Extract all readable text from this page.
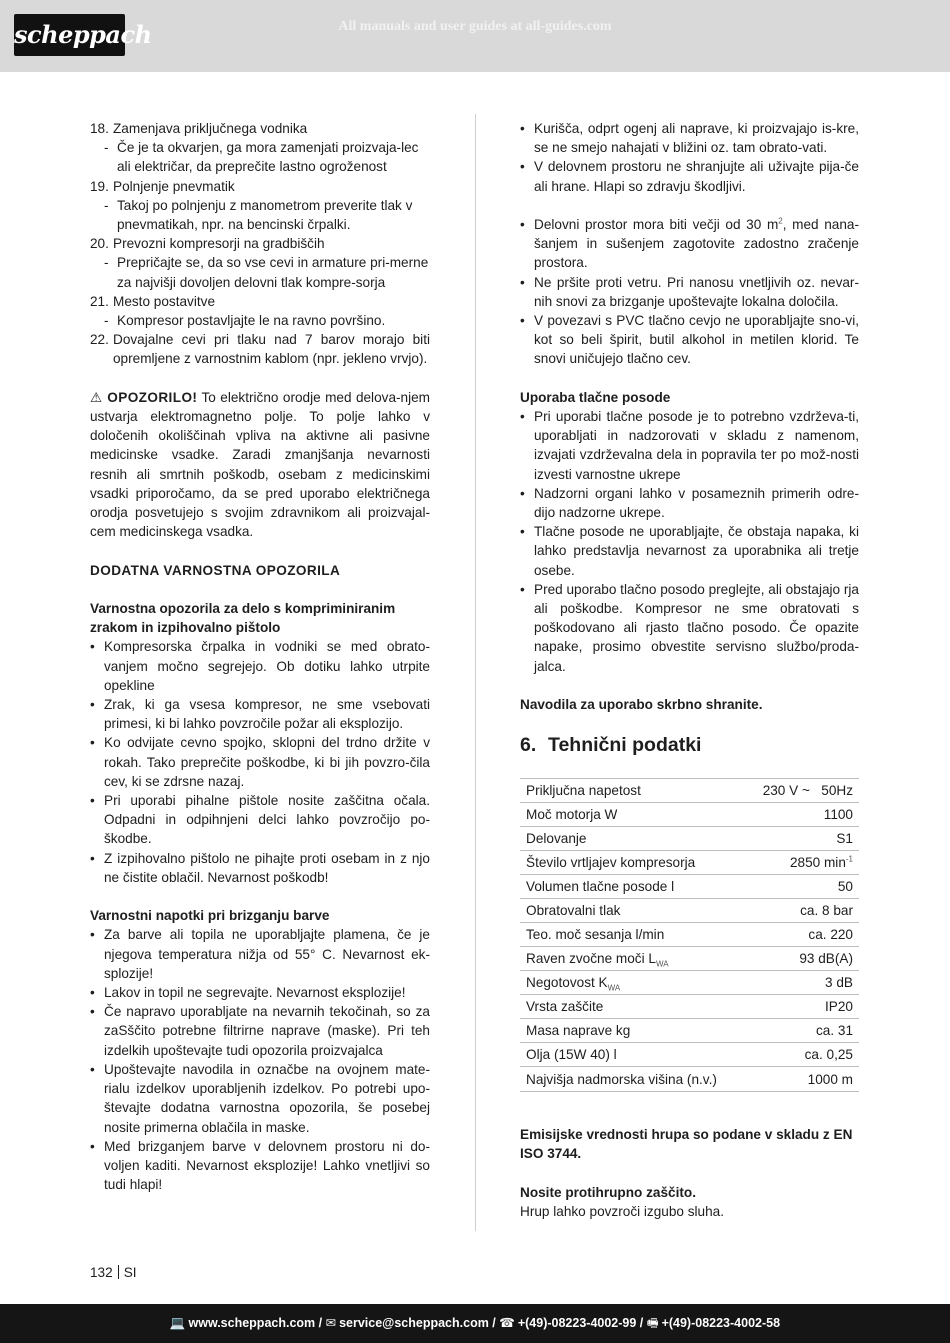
scheppach	All manuals and user guides at all-guides.com
18. Zamenjava priključnega vodnika
- Če je ta okvarjen, ga mora zamenjati proizvaja-lec ali električar, da preprečite lastno ogroženost
19. Polnjenje pnevmatik
- Takoj po polnjenju z manometrom preverite tlak v pnevmatikah, npr. na bencinski črpalki.
20. Prevozni kompresorji na gradbiščih
- Prepričajte se, da so vse cevi in armature pri-merne za najvišji dovoljen delovni tlak kompre-sorja
21. Mesto postavitve
- Kompresor postavljajte le na ravno površino.
22. Dovajalne cevi pri tlaku nad 7 barov morajo biti opremljene z varnostnim kablom (npr. jekleno vrvjo).

⚠ OPOZORILO! To električno orodje med delova-njem ustvarja elektromagnetno polje. To polje lahko v določenih okoliščinah vpliva na aktivne ali pasivne medicinske vsadke. Zaradi zmanjšanja nevarnosti resnih ali smrtnih poškodb, osebam z medicinskimi vsadki priporočamo, da se pred uporabo električnega orodja posvetujejo s svojim zdravnikom ali proizvajal-cem medicinskega vsadka.

DODATNA VARNOSTNA OPOZORILA

Varnostna opozorila za delo s kompriminiranim zrakom in izpihovalno pištolo

• Kompresorska črpalka in vodniki se med obrato-vanjem močno segrejejo. Ob dotiku lahko utrpite opekline
• Zrak, ki ga vsesa kompresor, ne sme vsebovati primesi, ki bi lahko povzročile požar ali eksplozijo.
• Ko odvijate cevno spojko, sklopni del trdno držite v rokah. Tako preprečite poškodbe, ki bi jih povzro-čila cev, ki se zdrsne nazaj.
• Pri uporabi pihalne pištole nosite zaščitna očala. Odpadni in odpihnjeni delci lahko povzročijo po-škodbe.
• Z izpihovalno pištolo ne pihajte proti osebam in z njo ne čistite oblačil. Nevarnost poškodb!

Varnostni napotki pri brizganju barve

• Za barve ali topila ne uporabljajte plamena, če je njegova temperatura nižja od 55° C. Nevarnost ek-splozije!
• Lakov in topil ne segrevajte. Nevarnost eksplozije!
• Če napravo uporabljate na nevarnih tekočinah, so za zaSščito potrebne filtrirne naprave (maske). Pri teh izdelkih upoštevajte tudi opozorila proizvajalca
• Upoštevajte navodila in označbe na ovojnem mate-rialu izdelkov uporabljenih izdelkov. Po potrebi upo-števajte dodatna varnostna opozorila, še posebej nosite primerna oblačila in maske.
• Med brizganjem barve v delovnem prostoru ni do-voljen kaditi. Nevarnost eksplozije! Lahko vnetljivi so tudi hlapi!
• Kurišča, odprt ogenj ali naprave, ki proizvajajo is-kre, se ne smejo nahajati v bližini oz. tam obrato-vati.
• V delovnem prostoru ne shranjujte ali uživajte pija-če ali hrane. Hlapi so zdravju škodljivi.
• Delovni prostor mora biti večji od 30 $m^2$, med nana-šanjem in sušenjem zagotovite zadostno zračenje prostora.
• Ne pršite proti vetru. Pri nanosu vnetljivih oz. nevar-nih snovi za brizganje upoštevajte lokalna določila.
• V povezavi s PVC tlačno cevjo ne uporabljajte sno-vi, kot so beli špirit, butil alkohol in metilen klorid. Te snovi uničujejo tlačno cev.

Uporaba tlačne posode

• Pri uporabi tlačne posode je to potrebno vzdrževa-ti, uporabljati in nadzorovati v skladu z namenom, izvajati vzdrževalna dela in popravila ter po mož-nosti izvesti varnostne ukrepe
• Nadzorni organi lahko v posameznih primerih odre-dijo nadzorne ukrepe.
• Tlačne posode ne uporabljajte, če obstaja napaka, ki lahko predstavlja nevarnost za uporabnika ali tretje osebe.
• Pred uporabo tlačno posodo preglejte, ali obstajajo rja ali poškodbe. Kompresor ne sme obratovati s poškodovano ali rjasto tlačno posodo. Če opazite napake, prosimo obvestite servisno službo/proda-jalca.

Navodila za uporabo skrbno shranite.

6. Tehnični podatki

Priključna napetost	230 V ~   50Hz
Moč motorja W	1100
Delovanje	S1
Število vrtljajev kompresorja	2850 $\min^{-1}$
Volumen tlačne posode l	50
Obratovalni tlak	ca. 8 bar
Teo. moč sesanja l/min	ca. 220
Raven zvočne moči $L_{WA}$	93 dB(A)
Negotovost $K_{WA}$	3 dB
Vrsta zaščite	IP20
Masa naprave kg	ca. 31
Olja (15W 40) l	ca. 0,25
Najvišja nadmorska višina (n.v.)	1000 m

Emisijske vrednosti hrupa so podane v skladu z EN ISO 3744.

Nosite protihrupno zaščito.

Hrup lahko povzroči izgubo sluha.

132 SI
💻 www.scheppach.com / ✉ service@scheppach.com / ☎ +(49)-08223-4002-99 / 🖷 +(49)-08223-4002-58
